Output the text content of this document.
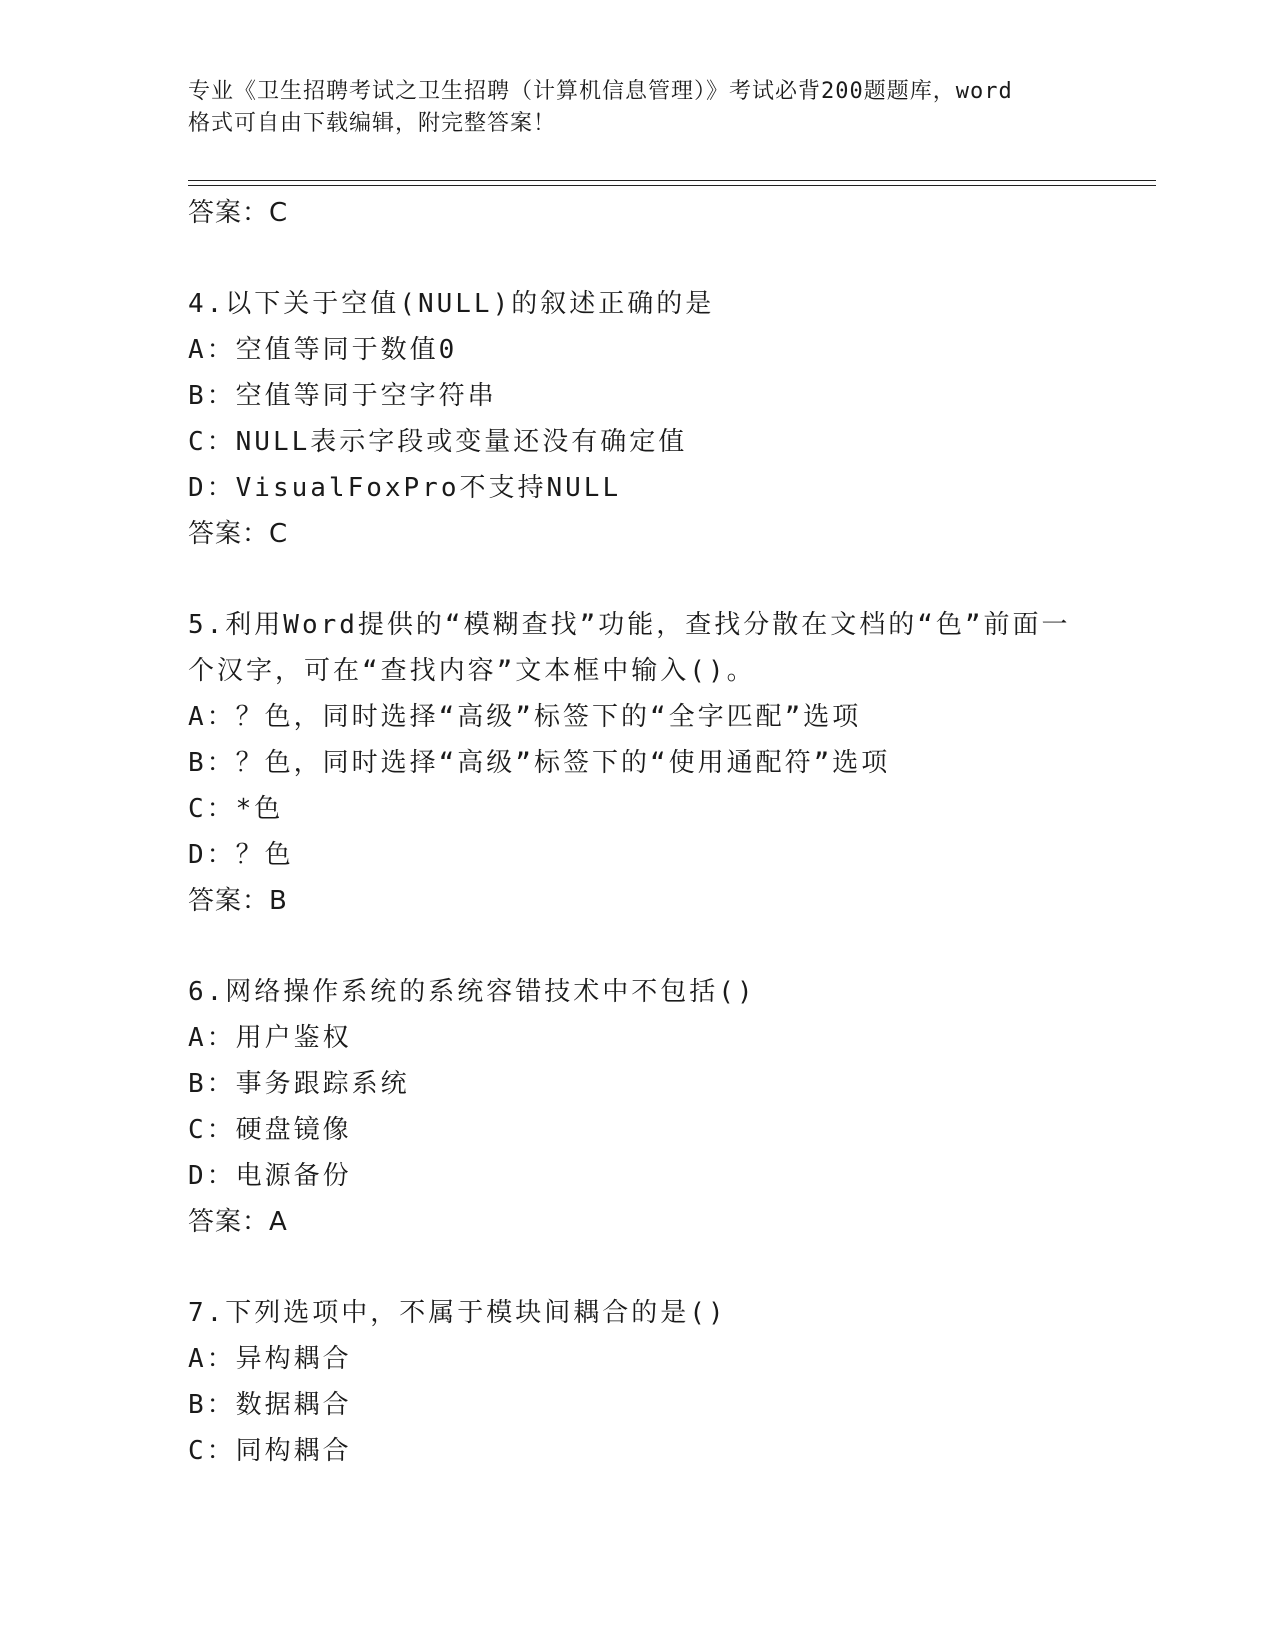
专业《卫生招聘考试之卫生招聘（计算机信息管理）》考试必背200题题库，word
格式可自由下载编辑，附完整答案！
答案：C

4.以下关于空值(NULL)的叙述正确的是

A：空值等同于数值0
B：空值等同于空字符串
C：NULL表示字段或变量还没有确定值
D：VisualFoxPro不支持NULL
答案：C

5.利用Word提供的“模糊查找”功能，查找分散在文档的“色”前面一个汉字，可在“查找内容”文本框中输入()。

A：？色，同时选择“高级”标签下的“全字匹配”选项
B：？色，同时选择“高级”标签下的“使用通配符”选项
C：*色
D：？色
答案：B

6.网络操作系统的系统容错技术中不包括()

A：用户鉴权
B：事务跟踪系统
C：硬盘镜像
D：电源备份
答案：A

7.下列选项中，不属于模块间耦合的是()

A：异构耦合
B：数据耦合
C：同构耦合
